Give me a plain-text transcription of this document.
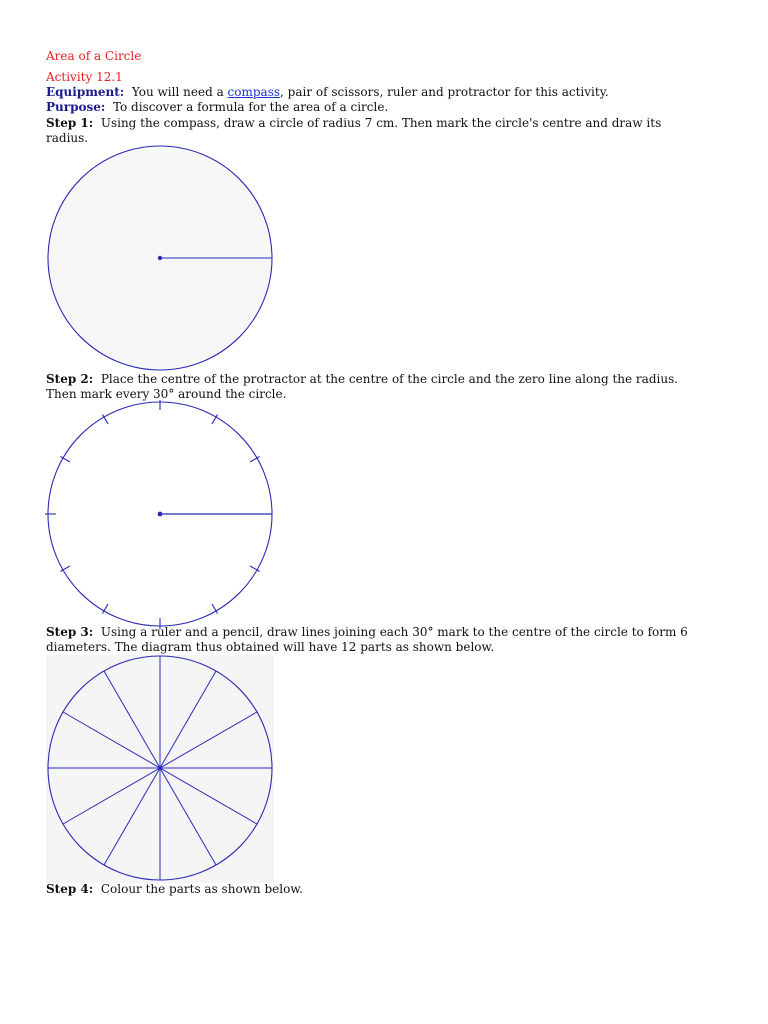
Area of a Circle
Activity 12.1
Equipment: You will need a compass, pair of scissors, ruler and protractor for this activity.
Purpose: To discover a formula for the area of a circle.
Step 1: Using the compass, draw a circle of radius 7 cm. Then mark the circle's centre and draw its
radius.
Step 2: Place the centre of the protractor at the centre of the circle and the zero line along the radius.
Then mark every 30° around the circle.
Step 3: Using a ruler and a pencil, draw lines joining each 30° mark to the centre of the circle to form 6
diameters. The diagram thus obtained will have 12 parts as shown below.
Step 4: Colour the parts as shown below.
